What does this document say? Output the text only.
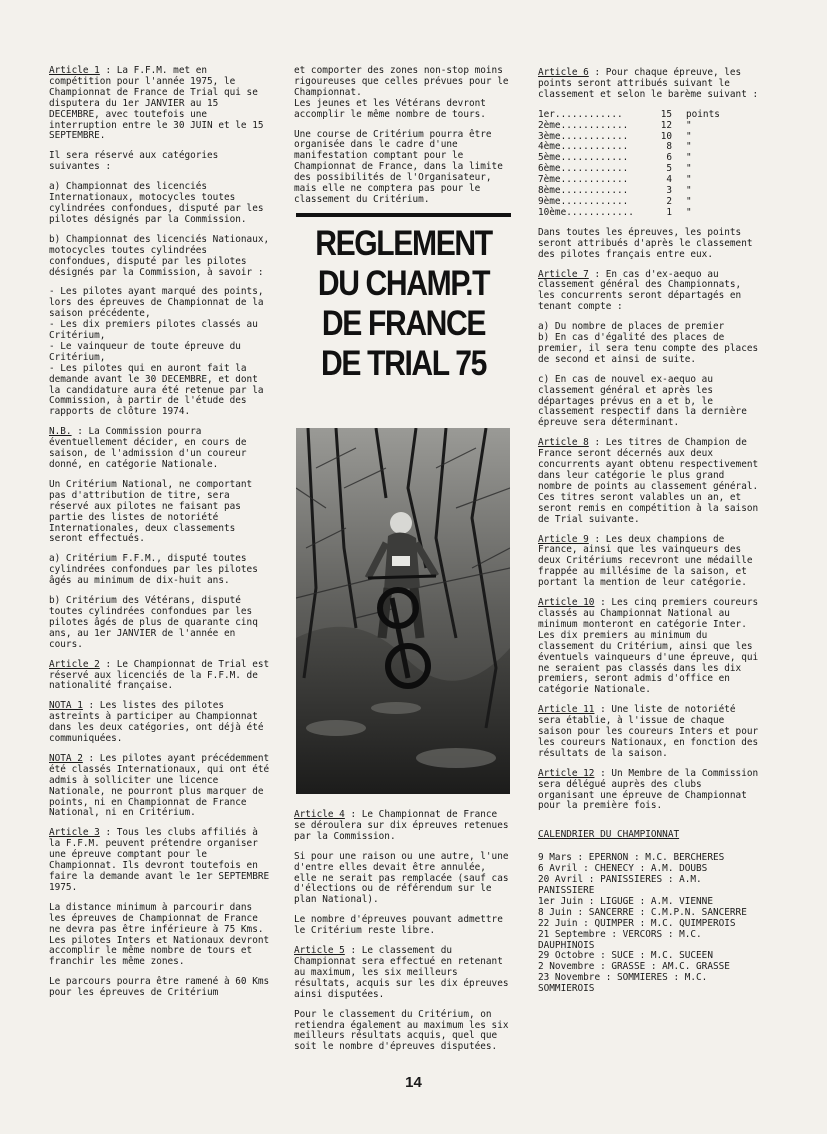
Article 1 : La F.F.M. met en compétition pour l'année 1975, le Championnat de France de Trial qui se disputera du 1er JANVIER au 15 DECEMBRE, avec toutefois une interruption entre le 30 JUIN et le 15 SEPTEMBRE.

Il sera réservé aux catégories suivantes :

a) Championnat des licenciés Internationaux, motocycles toutes cylindrées confondues, disputé par les pilotes désignés par la Commission.

b) Championnat des licenciés Nationaux, motocycles toutes cylindrées confondues, disputé par les pilotes désignés par la Commission, à savoir :

- Les pilotes ayant marqué des points, lors des épreuves de Championnat de la saison précédente,
- Les dix premiers pilotes classés au Critérium,
- Le vainqueur de toute épreuve du Critérium,
- Les pilotes qui en auront fait la demande avant le 30 DECEMBRE, et dont la candidature aura été retenue par la Commission, à partir de l'étude des rapports de clôture 1974.

N.B. : La Commission pourra éventuellement décider, en cours de saison, de l'admission d'un coureur donné, en catégorie Nationale.

Un Critérium National, ne comportant pas d'attribution de titre, sera réservé aux pilotes ne faisant pas partie des listes de notoriété Internationales, deux classements seront effectués.

a) Critérium F.F.M., disputé toutes cylindrées confondues par les pilotes âgés au minimum de dix-huit ans.

b) Critérium des Vétérans, disputé toutes cylindrées confondues par les pilotes âgés de plus de quarante cinq ans, au 1er JANVIER de l'année en cours.

Article 2 : Le Championnat de Trial est réservé aux licenciés de la F.F.M. de nationalité française.

NOTA 1 : Les listes des pilotes astreints à participer au Championnat dans les deux catégories, ont déjà été communiquées.

NOTA 2 : Les pilotes ayant précédemment été classés Internationaux, qui ont été admis à solliciter une licence Nationale, ne pourront plus marquer de points, ni en Championnat de France National, ni en Critérium.

Article 3 : Tous les clubs affiliés à la F.F.M. peuvent prétendre organiser une épreuve comptant pour le Championnat. Ils devront toutefois en faire la demande avant le 1er SEPTEMBRE 1975.

La distance minimum à parcourir dans les épreuves de Championnat de France ne devra pas être inférieure à 75 Kms. Les pilotes Inters et Nationaux devront accomplir le même nombre de tours et franchir les même zones.

Le parcours pourra être ramené à 60 Kms pour les épreuves de Critérium

et comporter des zones non-stop moins rigoureuses que celles prévues pour le Championnat.
Les jeunes et les Vétérans devront accomplir le même nombre de tours.

Une course de Critérium pourra être organisée dans le cadre d'une manifestation comptant pour le Championnat de France, dans la limite des possibilités de l'Organisateur, mais elle ne comptera pas pour le classement du Critérium.

REGLEMENT
DU CHAMP.T
DE FRANCE
DE TRIAL 75

Article 4 : Le Championnat de France se déroulera sur dix épreuves retenues par la Commission.

Si pour une raison ou une autre, l'une d'entre elles devait être annulée, elle ne serait pas remplacée (sauf cas d'élections ou de référendum sur le plan National).

Le nombre d'épreuves pouvant admettre le Critérium reste libre.

Article 5 : Le classement du Championnat sera effectué en retenant au maximum, les six meilleurs résultats, acquis sur les dix épreuves ainsi disputées.

Pour le classement du Critérium, on retiendra également au maximum les six meilleurs résultats acquis, quel que soit le nombre d'épreuves disputées.

Article 6 : Pour chaque épreuve, les points seront attribués suivant le classement et selon le barème suivant :

1er............	15 points
2ème............	12 "
3ème............	10 "
4ème............	8 "
5ème............	6 "
6ème............	5 "
7ème............	4 "
8ème............	3 "
9ème............	2 "
10ème............	1 "

Dans toutes les épreuves, les points seront attribués d'après le classement des pilotes français entre eux.

Article 7 : En cas d'ex-aequo au classement général des Championnats, les concurrents seront départagés en tenant compte :

a) Du nombre de places de premier
b) En cas d'égalité des places de premier, il sera tenu compte des places de second et ainsi de suite.

c) En cas de nouvel ex-aequo au classement général et après les départages prévus en a et b, le classement respectif dans la dernière épreuve sera déterminant.

Article 8 : Les titres de Champion de France seront décernés aux deux concurrents ayant obtenu respectivement dans leur catégorie le plus grand nombre de points au classement général.
Ces titres seront valables un an, et seront remis en compétition à la saison de Trial suivante.

Article 9 : Les deux champions de France, ainsi que les vainqueurs des deux Critériums recevront une médaille frappée au millésime de la saison, et portant la mention de leur catégorie.

Article 10 : Les cinq premiers coureurs classés au Championnat National au minimum monteront en catégorie Inter.
Les dix premiers au minimum du classement du Critérium, ainsi que les éventuels vainqueurs d'une épreuve, qui ne seraient pas classés dans les dix premiers, seront admis d'office en catégorie Nationale.

Article 11 : Une liste de notoriété sera établie, à l'issue de chaque saison pour les coureurs Inters et pour les coureurs Nationaux, en fonction des résultats de la saison.

Article 12 : Un Membre de la Commission sera délégué auprès des clubs organisant une épreuve de Championnat pour la première fois.

CALENDRIER DU CHAMPIONNAT

9 Mars : EPERNON : M.C. BERCHERES

6 Avril : CHENECY : A.M. DOUBS

20 Avril : PANISSIERES : A.M. PANISSIERE

1er Juin : LIGUGE : A.M. VIENNE

8 Juin : SANCERRE : C.M.P.N. SANCERRE

22 Juin : QUIMPER : M.C. QUIMPEROIS

21 Septembre : VERCORS : M.C. DAUPHINOIS

29 Octobre : SUCE : M.C. SUCEEN

2 Novembre : GRASSE : AM.C. GRASSE

23 Novembre : SOMMIERES : M.C. SOMMIEROIS

14
